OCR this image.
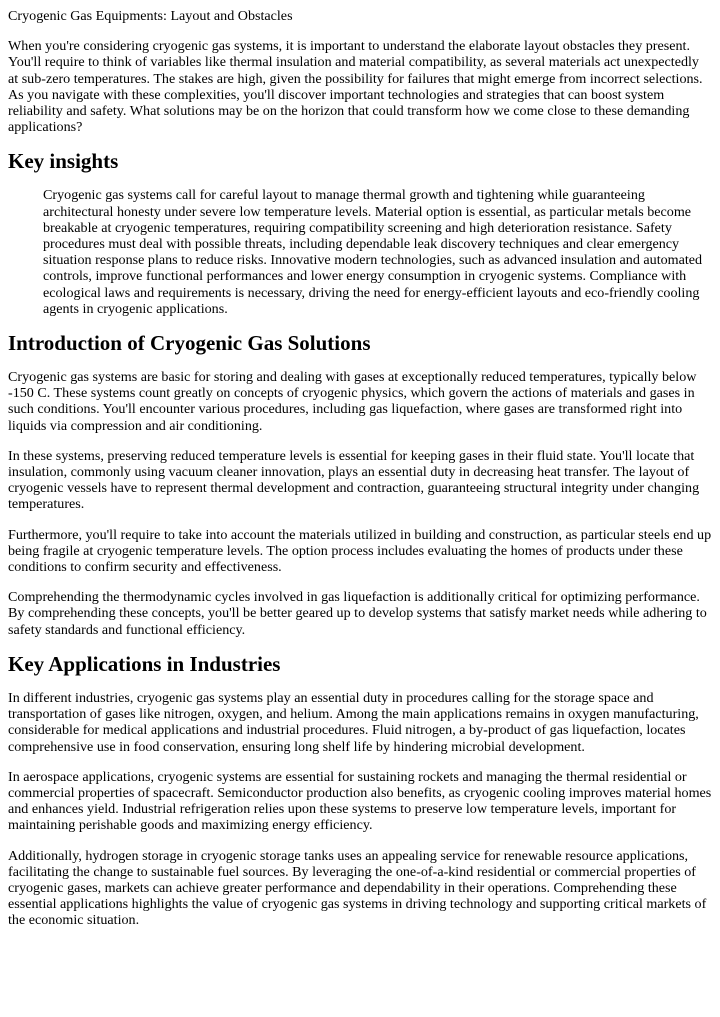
Cryogenic Gas Equipments: Layout and Obstacles

When you're considering cryogenic gas systems, it is important to understand the elaborate layout obstacles they present. You'll require to think of variables like thermal insulation and material compatibility, as several materials act unexpectedly at sub-zero temperatures. The stakes are high, given the possibility for failures that might emerge from incorrect selections. As you navigate with these complexities, you'll discover important technologies and strategies that can boost system reliability and safety. What solutions may be on the horizon that could transform how we come close to these demanding applications?

Key insights
Cryogenic gas systems call for careful layout to manage thermal growth and tightening while guaranteeing architectural honesty under severe low temperature levels. Material option is essential, as particular metals become breakable at cryogenic temperatures, requiring compatibility screening and high deterioration resistance. Safety procedures must deal with possible threats, including dependable leak discovery techniques and clear emergency situation response plans to reduce risks. Innovative modern technologies, such as advanced insulation and automated controls, improve functional performances and lower energy consumption in cryogenic systems. Compliance with ecological laws and requirements is necessary, driving the need for energy-efficient layouts and eco-friendly cooling agents in cryogenic applications.
Introduction of Cryogenic Gas Solutions

Cryogenic gas systems are basic for storing and dealing with gases at exceptionally reduced temperatures, typically below -150 C. These systems count greatly on concepts of cryogenic physics, which govern the actions of materials and gases in such conditions. You'll encounter various procedures, including gas liquefaction, where gases are transformed right into liquids via compression and air conditioning.

In these systems, preserving reduced temperature levels is essential for keeping gases in their fluid state. You'll locate that insulation, commonly using vacuum cleaner innovation, plays an essential duty in decreasing heat transfer. The layout of cryogenic vessels have to represent thermal development and contraction, guaranteeing structural integrity under changing temperatures.

Furthermore, you'll require to take into account the materials utilized in building and construction, as particular steels end up being fragile at cryogenic temperature levels. The option process includes evaluating the homes of products under these conditions to confirm security and effectiveness.

Comprehending the thermodynamic cycles involved in gas liquefaction is additionally critical for optimizing performance. By comprehending these concepts, you'll be better geared up to develop systems that satisfy market needs while adhering to safety standards and functional efficiency.

Key Applications in Industries

In different industries, cryogenic gas systems play an essential duty in procedures calling for the storage space and transportation of gases like nitrogen, oxygen, and helium. Among the main applications remains in oxygen manufacturing, considerable for medical applications and industrial procedures. Fluid nitrogen, a by-product of gas liquefaction, locates comprehensive use in food conservation, ensuring long shelf life by hindering microbial development.

In aerospace applications, cryogenic systems are essential for sustaining rockets and managing the thermal residential or commercial properties of spacecraft. Semiconductor production also benefits, as cryogenic cooling improves material homes and enhances yield. Industrial refrigeration relies upon these systems to preserve low temperature levels, important for maintaining perishable goods and maximizing energy efficiency.

Additionally, hydrogen storage in cryogenic storage tanks uses an appealing service for renewable resource applications, facilitating the change to sustainable fuel sources. By leveraging the one-of-a-kind residential or commercial properties of cryogenic gases, markets can achieve greater performance and dependability in their operations. Comprehending these essential applications highlights the value of cryogenic gas systems in driving technology and supporting critical markets of the economic situation.
